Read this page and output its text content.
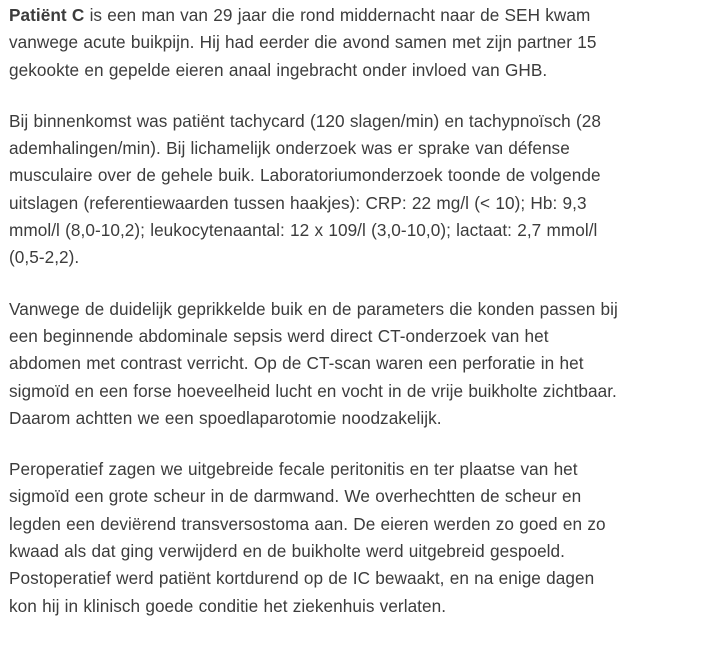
Patiënt C is een man van 29 jaar die rond middernacht naar de SEH kwam
vanwege acute buikpijn. Hij had eerder die avond samen met zijn partner 15
gekookte en gepelde eieren anaal ingebracht onder invloed van GHB.

Bij binnenkomst was patiënt tachycard (120 slagen/min) en tachypnoïsch (28
ademhalingen/min). Bij lichamelijk onderzoek was er sprake van défense
musculaire over de gehele buik. Laboratoriumonderzoek toonde de volgende
uitslagen (referentiewaarden tussen haakjes): CRP: 22 mg/l (< 10); Hb: 9,3
mmol/l (8,0-10,2); leukocytenaantal: 12 x 109/l (3,0-10,0); lactaat: 2,7 mmol/l
(0,5-2,2).

Vanwege de duidelijk geprikkelde buik en de parameters die konden passen bij
een beginnende abdominale sepsis werd direct CT-onderzoek van het
abdomen met contrast verricht. Op de CT-scan waren een perforatie in het
sigmoïd en een forse hoeveelheid lucht en vocht in de vrije buikholte zichtbaar.
Daarom achtten we een spoedlaparotomie noodzakelijk.

Peroperatief zagen we uitgebreide fecale peritonitis en ter plaatse van het
sigmoïd een grote scheur in de darmwand. We overhechtten de scheur en
legden een deviërend transversostoma aan. De eieren werden zo goed en zo
kwaad als dat ging verwijderd en de buikholte werd uitgebreid gespoeld.
Postoperatief werd patiënt kortdurend op de IC bewaakt, en na enige dagen
kon hij in klinisch goede conditie het ziekenhuis verlaten.
